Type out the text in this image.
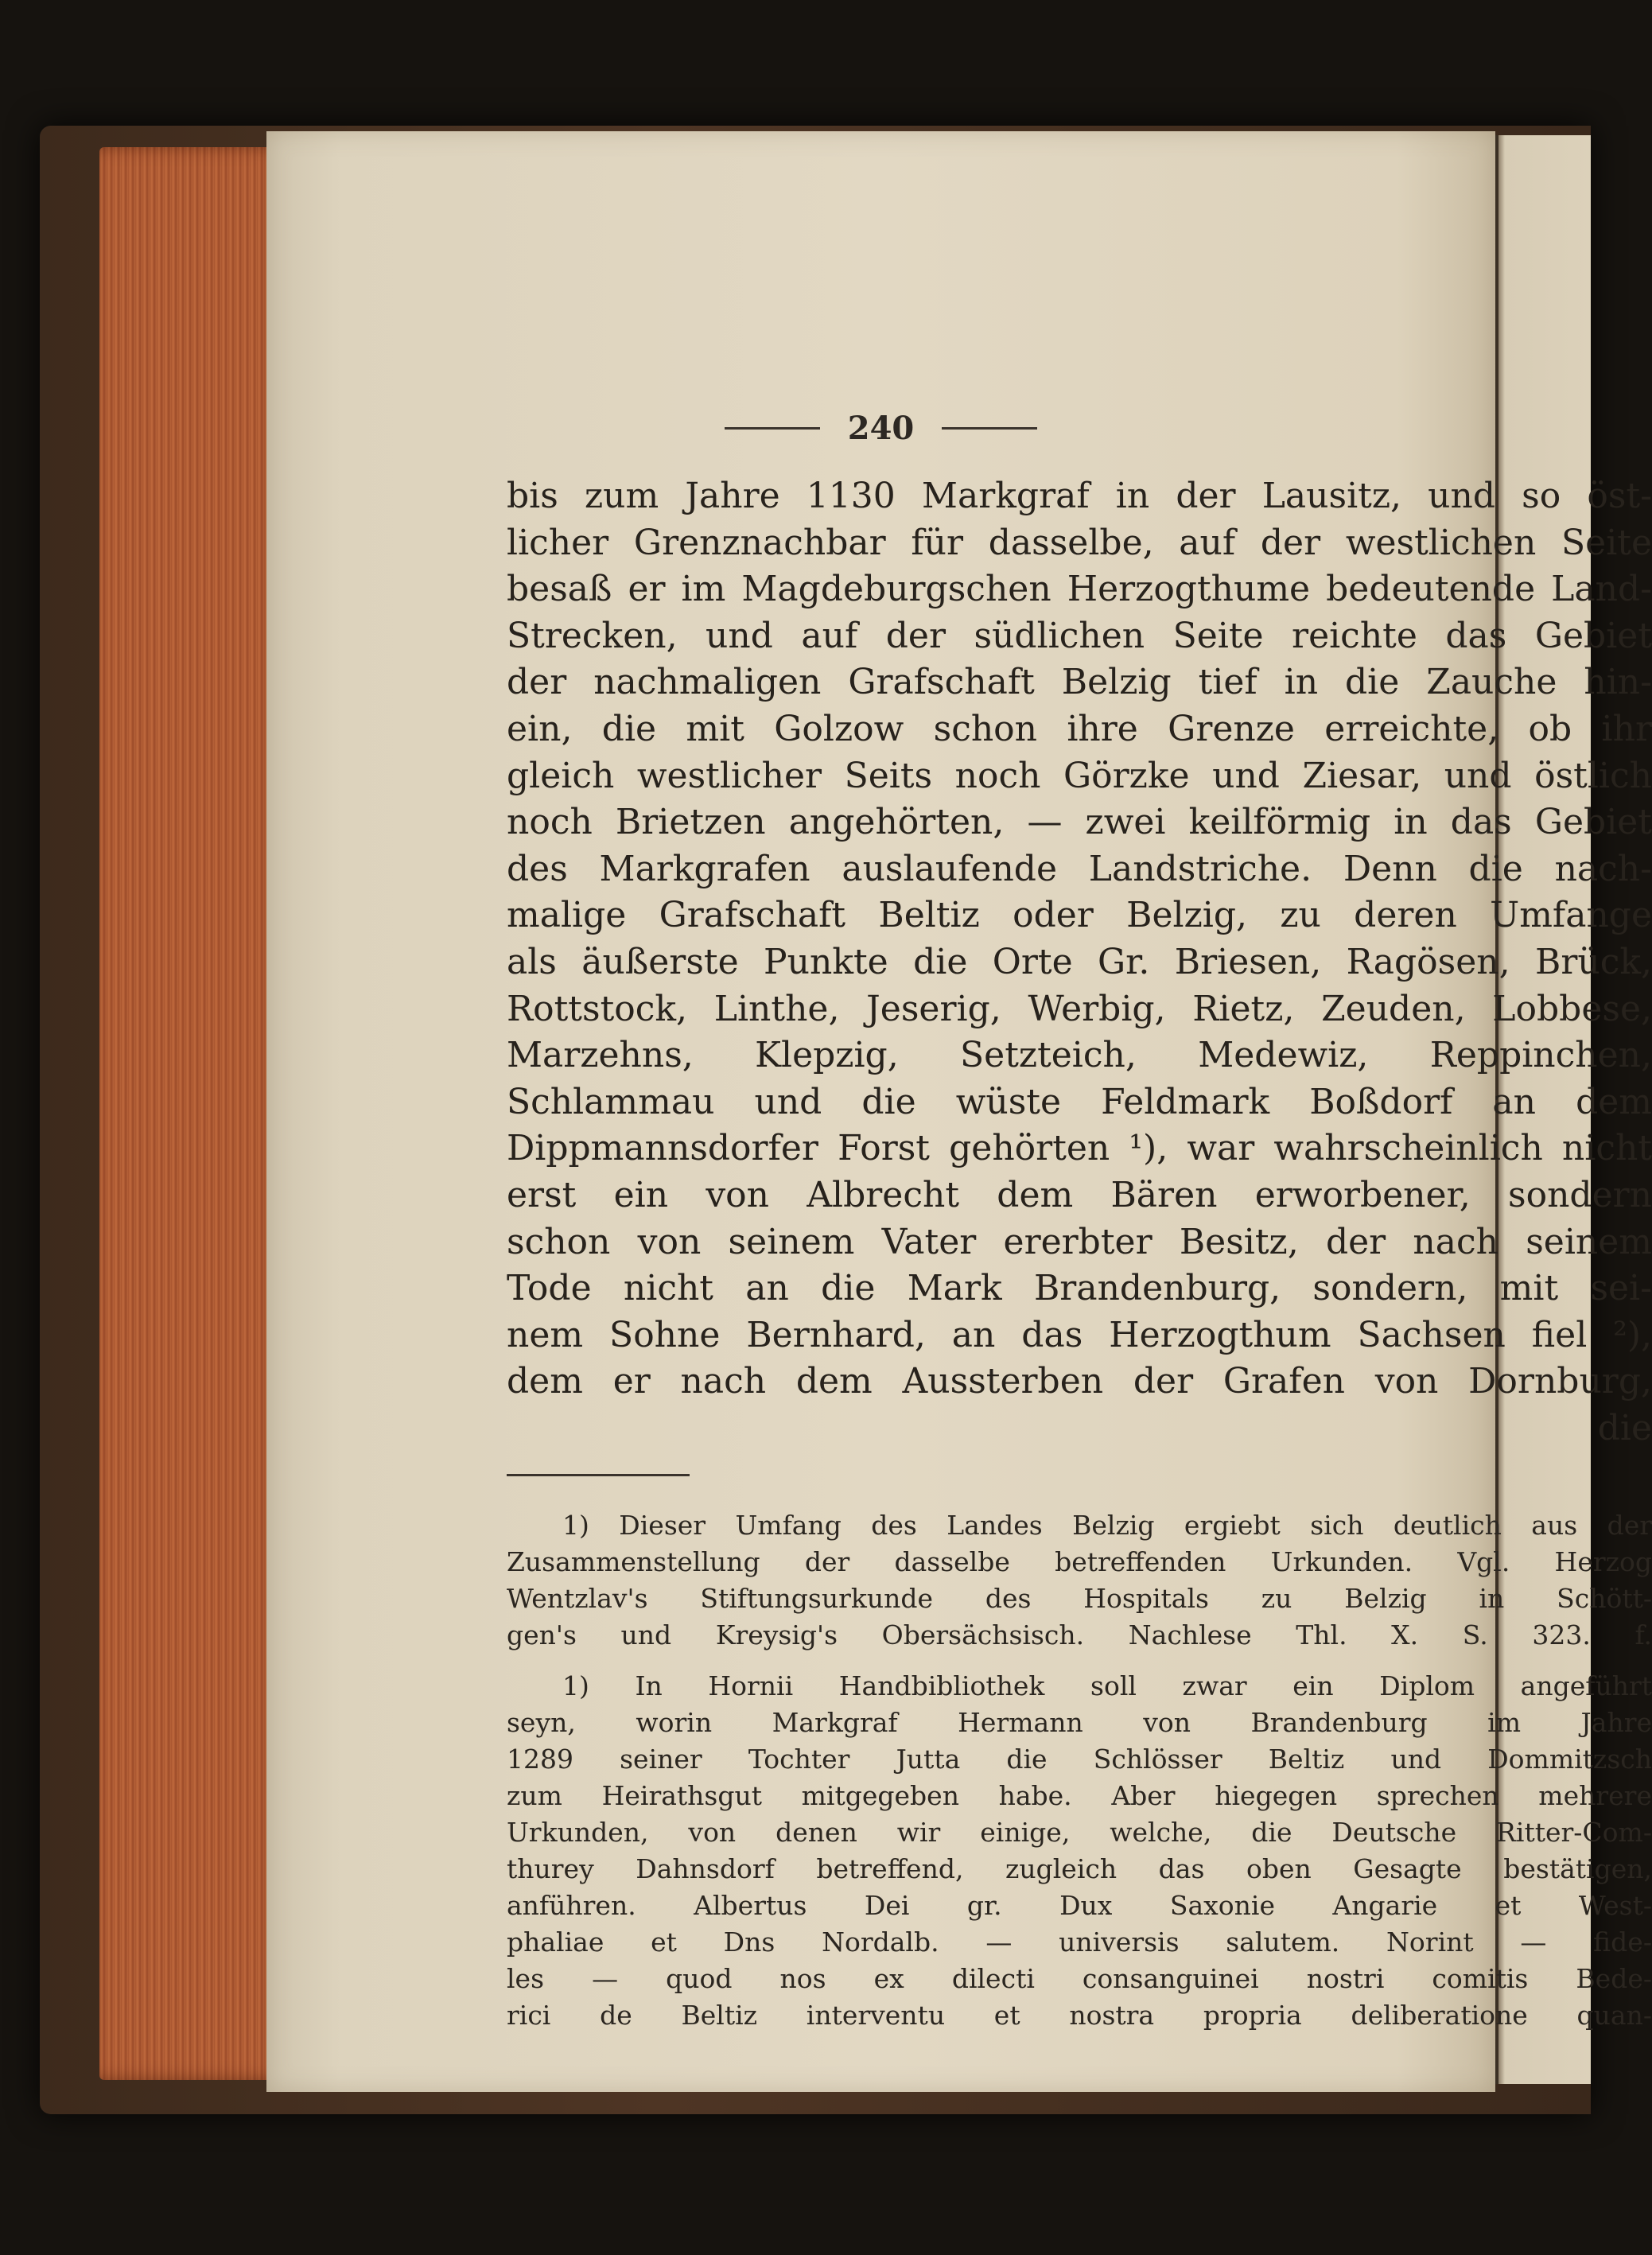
240
bis zum Jahre 1130 Markgraf in der Lausitz, und so öst-
licher Grenznachbar für dasselbe, auf der westlichen Seite
besaß er im Magdeburgschen Herzogthume bedeutende Land-
Strecken, und auf der südlichen Seite reichte das Gebiet
der nachmaligen Grafschaft Belzig tief in die Zauche hin-
ein, die mit Golzow schon ihre Grenze erreichte, ob ihr
gleich westlicher Seits noch Görzke und Ziesar, und östlich
noch Brietzen angehörten, — zwei keilförmig in das Gebiet
des Markgrafen auslaufende Landstriche. Denn die nach-
malige Grafschaft Beltiz oder Belzig, zu deren Umfange
als äußerste Punkte die Orte Gr. Briesen, Ragösen, Brück,
Rottstock, Linthe, Jeserig, Werbig, Rietz, Zeuden, Lobbese,
Marzehns, Klepzig, Setzteich, Medewiz, Reppinchen,
Schlammau und die wüste Feldmark Boßdorf an dem
Dippmannsdorfer Forst gehörten ¹), war wahrscheinlich nicht
erst ein von Albrecht dem Bären erworbener, sondern
schon von seinem Vater ererbter Besitz, der nach seinem
Tode nicht an die Mark Brandenburg, sondern, mit sei-
nem Sohne Bernhard, an das Herzogthum Sachsen fiel ²),
dem er nach dem Aussterben der Grafen von Dornburg,
die
1) Dieser Umfang des Landes Belzig ergiebt sich deutlich aus der
Zusammenstellung der dasselbe betreffenden Urkunden. Vgl. Herzog
Wentzlav's Stiftungsurkunde des Hospitals zu Belzig in Schött-
gen's und Kreysig's Obersächsisch. Nachlese Thl. X. S. 323. f.
1) In Hornii Handbibliothek soll zwar ein Diplom angeführt
seyn, worin Markgraf Hermann von Brandenburg im Jahre
1289 seiner Tochter Jutta die Schlösser Beltiz und Dommitzsch
zum Heirathsgut mitgegeben habe. Aber hiegegen sprechen mehrere
Urkunden, von denen wir einige, welche, die Deutsche Ritter-Com-
thurey Dahnsdorf betreffend, zugleich das oben Gesagte bestätigen,
anführen. Albertus Dei gr. Dux Saxonie Angarie et West-
phaliae et Dns Nordalb. — universis salutem. Norint — fide-
les — quod nos ex dilecti consanguinei nostri comitis Bede-
rici de Beltiz interventu et nostra propria deliberatione quan-
